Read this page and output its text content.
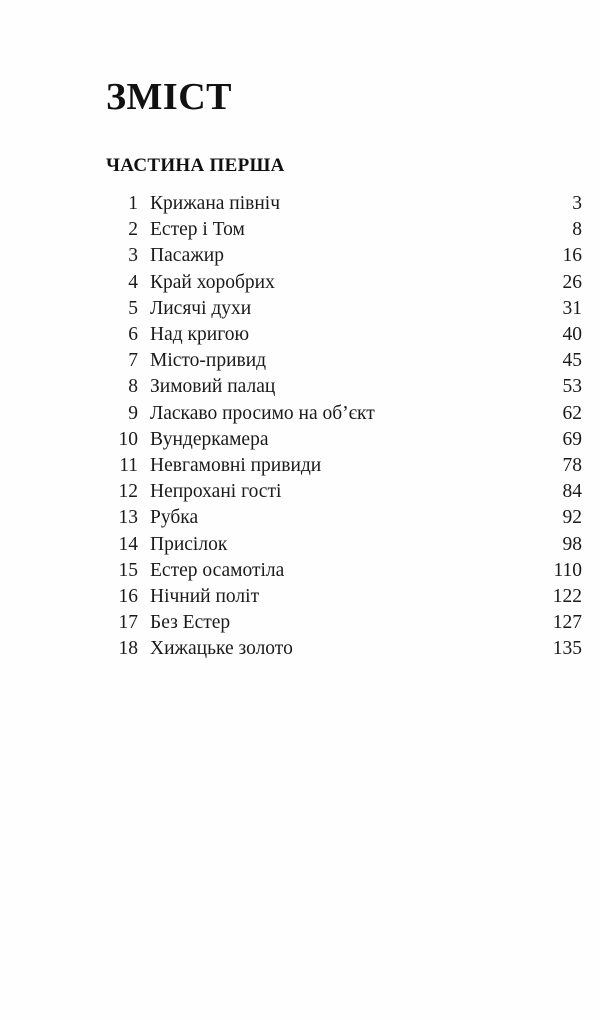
ЗМІСТ
ЧАСТИНА ПЕРША
1 Крижана північ	3
2 Естер і Том	8
3 Пасажир	16
4 Край хоробрих	26
5 Лисячі духи	31
6 Над кригою	40
7 Місто-привид	45
8 Зимовий палац	53
9 Ласкаво просимо на об’єкт	62
10 Вундеркамера	69
11 Невгамовні привиди	78
12 Непрохані гості	84
13 Рубка	92
14 Присілок	98
15 Естер осамотіла	110
16 Нічний політ	122
17 Без Естер	127
18 Хижацьке золото	135
